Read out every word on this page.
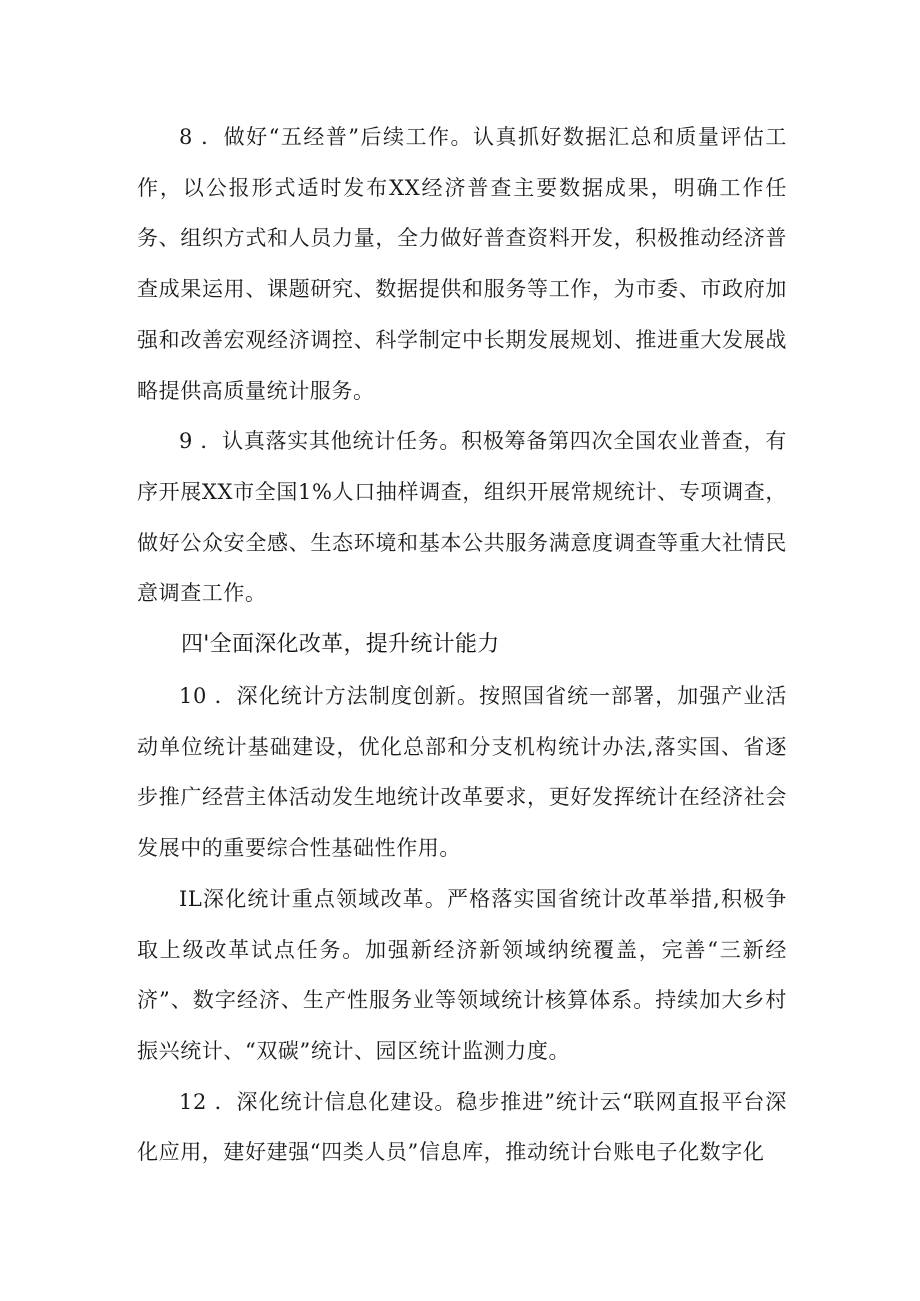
8 ．做好“五经普”后续工作。认真抓好数据汇总和质量评估工作，以公报形式适时发布XX经济普查主要数据成果，明确工作任务、组织方式和人员力量，全力做好普查资料开发，积极推动经济普查成果运用、课题研究、数据提供和服务等工作，为市委、市政府加强和改善宏观经济调控、科学制定中长期发展规划、推进重大发展战略提供高质量统计服务。

9 ．认真落实其他统计任务。积极筹备第四次全国农业普查，有序开展XX市全国1%人口抽样调查，组织开展常规统计、专项调查，做好公众安全感、生态环境和基本公共服务满意度调查等重大社情民意调查工作。

四'全面深化改革，提升统计能力

10 ．深化统计方法制度创新。按照国省统一部署，加强产业活动单位统计基础建设，优化总部和分支机构统计办法,落实国、省逐步推广经营主体活动发生地统计改革要求，更好发挥统计在经济社会发展中的重要综合性基础性作用。

IL深化统计重点领域改革。严格落实国省统计改革举措,积极争取上级改革试点任务。加强新经济新领域纳统覆盖，完善“三新经济”、数字经济、生产性服务业等领域统计核算体系。持续加大乡村振兴统计、“双碳”统计、园区统计监测力度。

12 ．深化统计信息化建设。稳步推进”统计云“联网直报平台深化应用，建好建强“四类人员”信息库，推动统计台账电子化数字化
